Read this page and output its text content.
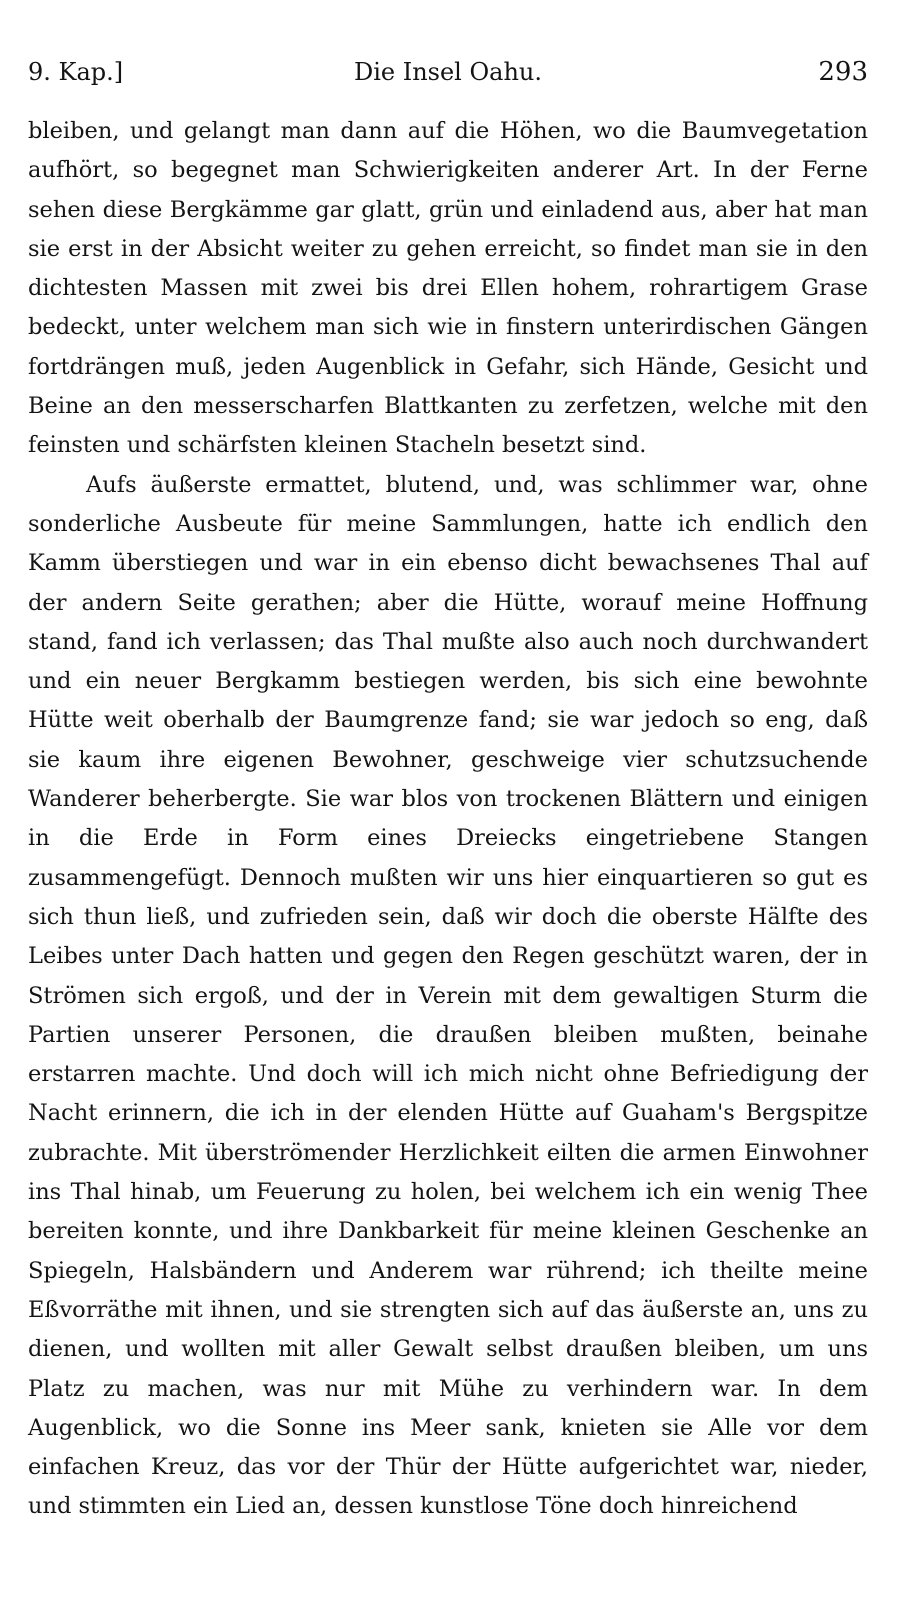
9. Kap.]	Die Insel Oahu.	293

bleiben, und gelangt man dann auf die Höhen, wo die Baumvegetation aufhört, so begegnet man Schwierigkeiten anderer Art. In der Ferne sehen diese Bergkämme gar glatt, grün und einladend aus, aber hat man sie erst in der Absicht weiter zu gehen erreicht, so findet man sie in den dichtesten Massen mit zwei bis drei Ellen hohem, rohrartigem Grase bedeckt, unter welchem man sich wie in finstern unterirdischen Gängen fortdrängen muß, jeden Augenblick in Gefahr, sich Hände, Gesicht und Beine an den messerscharfen Blattkanten zu zerfetzen, welche mit den feinsten und schärfsten kleinen Stacheln besetzt sind.

Aufs äußerste ermattet, blutend, und, was schlimmer war, ohne sonderliche Ausbeute für meine Sammlungen, hatte ich endlich den Kamm überstiegen und war in ein ebenso dicht bewachsenes Thal auf der andern Seite gerathen; aber die Hütte, worauf meine Hoffnung stand, fand ich verlassen; das Thal mußte also auch noch durchwandert und ein neuer Bergkamm bestiegen werden, bis sich eine bewohnte Hütte weit oberhalb der Baumgrenze fand; sie war jedoch so eng, daß sie kaum ihre eigenen Bewohner, geschweige vier schutzsuchende Wanderer beherbergte. Sie war blos von trockenen Blättern und einigen in die Erde in Form eines Dreiecks eingetriebene Stangen zusammengefügt. Dennoch mußten wir uns hier einquartieren so gut es sich thun ließ, und zufrieden sein, daß wir doch die oberste Hälfte des Leibes unter Dach hatten und gegen den Regen geschützt waren, der in Strömen sich ergoß, und der in Verein mit dem gewaltigen Sturm die Partien unserer Personen, die draußen bleiben mußten, beinahe erstarren machte. Und doch will ich mich nicht ohne Befriedigung der Nacht erinnern, die ich in der elenden Hütte auf Guaham's Bergspitze zubrachte. Mit überströmender Herzlichkeit eilten die armen Einwohner ins Thal hinab, um Feuerung zu holen, bei welchem ich ein wenig Thee bereiten konnte, und ihre Dankbarkeit für meine kleinen Geschenke an Spiegeln, Halsbändern und Anderem war rührend; ich theilte meine Eßvorräthe mit ihnen, und sie strengten sich auf das äußerste an, uns zu dienen, und wollten mit aller Gewalt selbst draußen bleiben, um uns Platz zu machen, was nur mit Mühe zu verhindern war. In dem Augenblick, wo die Sonne ins Meer sank, knieten sie Alle vor dem einfachen Kreuz, das vor der Thür der Hütte aufgerichtet war, nieder, und stimmten ein Lied an, dessen kunstlose Töne doch hinreichend
